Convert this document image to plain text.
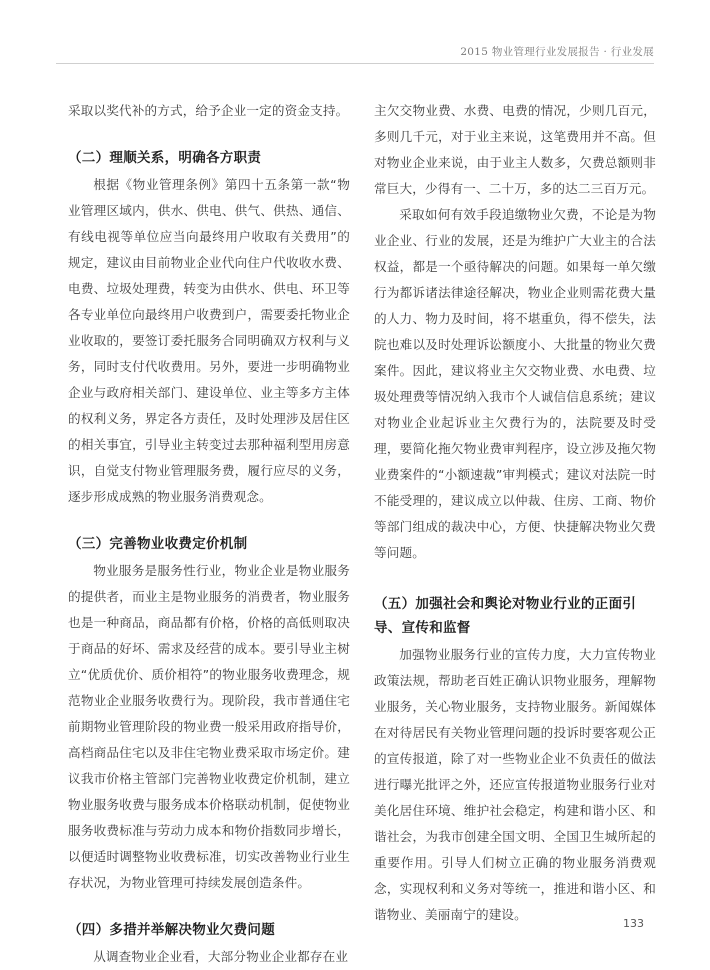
2015 物业管理行业发展报告 · 行业发展

采取以奖代补的方式，给予企业一定的资金支持。

（二）理顺关系，明确各方职责

根据《物业管理条例》第四十五条第一款“物业管理区域内，供水、供电、供气、供热、通信、有线电视等单位应当向最终用户收取有关费用”的规定，建议由目前物业企业代向住户代收收水费、电费、垃圾处理费，转变为由供水、供电、环卫等各专业单位向最终用户收费到户，需要委托物业企业收取的，要签订委托服务合同明确双方权利与义务，同时支付代收费用。另外，要进一步明确物业企业与政府相关部门、建设单位、业主等多方主体的权利义务，界定各方责任，及时处理涉及居住区的相关事宜，引导业主转变过去那种福利型用房意识，自觉支付物业管理服务费，履行应尽的义务，逐步形成成熟的物业服务消费观念。

（三）完善物业收费定价机制

物业服务是服务性行业，物业企业是物业服务的提供者，而业主是物业服务的消费者，物业服务也是一种商品，商品都有价格，价格的高低则取决于商品的好坏、需求及经营的成本。要引导业主树立“优质优价、质价相符”的物业服务收费理念，规范物业企业服务收费行为。现阶段，我市普通住宅前期物业管理阶段的物业费一般采用政府指导价，高档商品住宅以及非住宅物业费采取市场定价。建议我市价格主管部门完善物业收费定价机制，建立物业服务收费与服务成本价格联动机制，促使物业服务收费标准与劳动力成本和物价指数同步增长，以便适时调整物业收费标准，切实改善物业行业生存状况，为物业管理可持续发展创造条件。

（四）多措并举解决物业欠费问题

从调查物业企业看，大部分物业企业都存在业

主欠交物业费、水费、电费的情况，少则几百元，多则几千元，对于业主来说，这笔费用并不高。但对物业企业来说，由于业主人数多，欠费总额则非常巨大，少得有一、二十万，多的达二三百万元。

采取如何有效手段追缴物业欠费，不论是为物业企业、行业的发展，还是为维护广大业主的合法权益，都是一个亟待解决的问题。如果每一单欠缴行为都诉诸法律途径解决，物业企业则需花费大量的人力、物力及时间，将不堪重负，得不偿失，法院也难以及时处理诉讼额度小、大批量的物业欠费案件。因此，建议将业主欠交物业费、水电费、垃圾处理费等情况纳入我市个人诚信信息系统；建议对物业企业起诉业主欠费行为的，法院要及时受理，要简化拖欠物业费审判程序，设立涉及拖欠物业费案件的“小额速裁”审判模式；建议对法院一时不能受理的，建议成立以仲裁、住房、工商、物价等部门组成的裁决中心，方便、快捷解决物业欠费等问题。

（五）加强社会和舆论对物业行业的正面引导、宣传和监督

加强物业服务行业的宣传力度，大力宣传物业政策法规，帮助老百姓正确认识物业服务，理解物业服务，关心物业服务，支持物业服务。新闻媒体在对待居民有关物业管理问题的投诉时要客观公正的宣传报道，除了对一些物业企业不负责任的做法进行曝光批评之外，还应宣传报道物业服务行业对美化居住环境、维护社会稳定，构建和谐小区、和谐社会，为我市创建全国文明、全国卫生城所起的重要作用。引导人们树立正确的物业服务消费观念，实现权利和义务对等统一，推进和谐小区、和谐物业、美丽南宁的建设。

133
